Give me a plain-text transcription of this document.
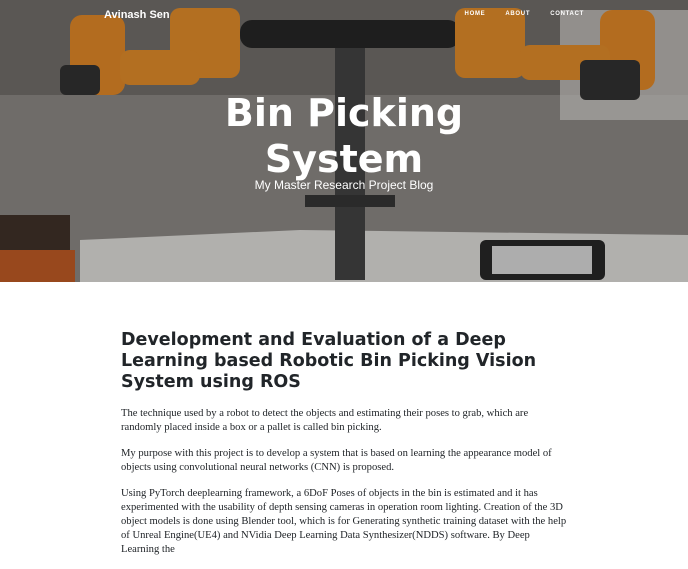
Avinash Sen	HOME	ABOUT	CONTACT
Bin Picking
System
My Master Research Project Blog
Development and Evaluation of a Deep Learning based Robotic Bin Picking Vision System using ROS

The technique used by a robot to detect the objects and estimating their poses to grab, which are randomly placed inside a box or a pallet is called bin picking.

My purpose with this project is to develop a system that is based on learning the appearance model of objects using convolutional neural networks (CNN) is proposed.

Using PyTorch deeplearning framework, a 6DoF Poses of objects in the bin is estimated and it has experimented with the usability of depth sensing cameras in operation room lighting. Creation of the 3D object models is done using Blender tool, which is for Generating synthetic training dataset with the help of Unreal Engine(UE4) and NVidia Deep Learning Data Synthesizer(NDDS) software. By Deep Learning the
